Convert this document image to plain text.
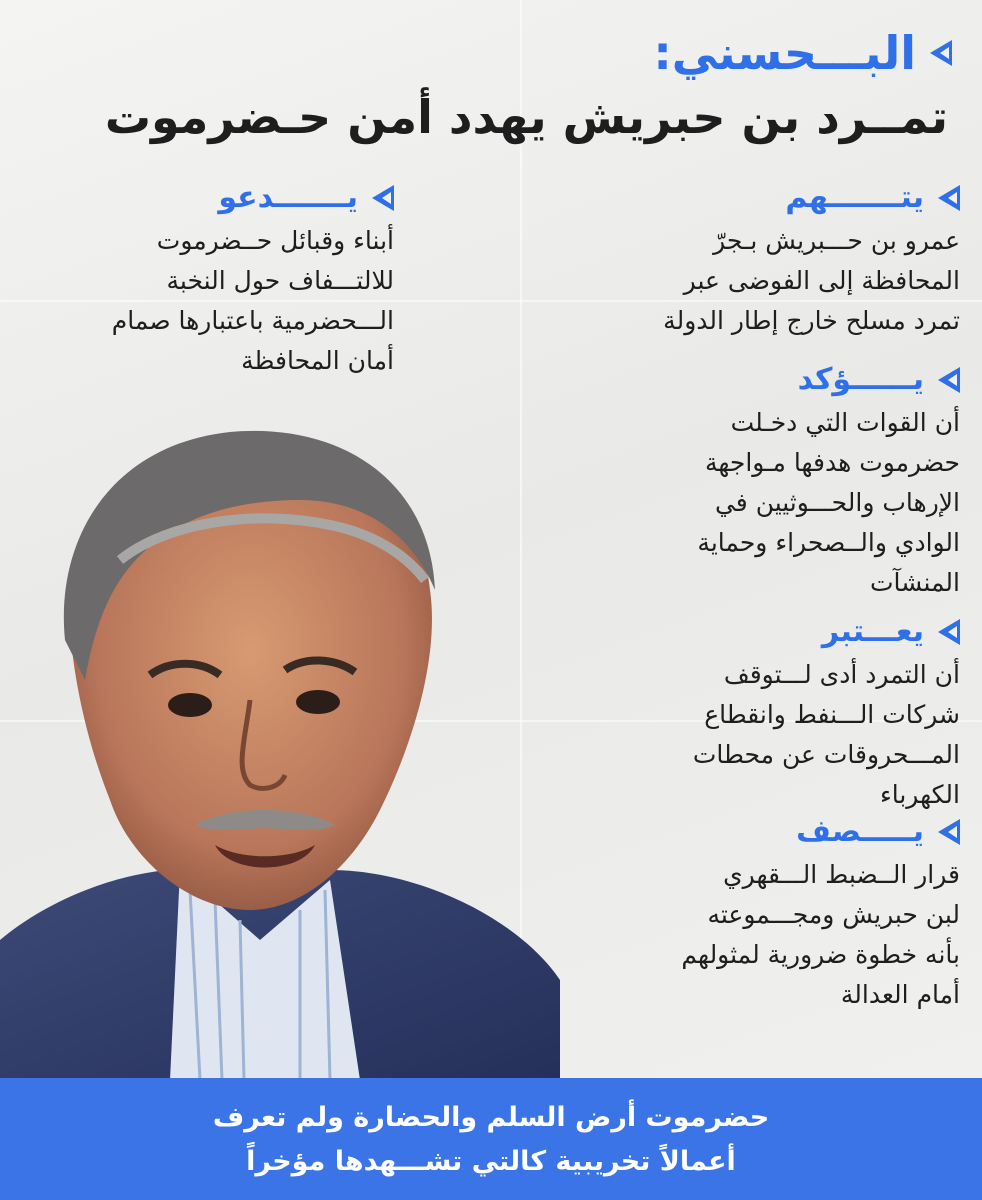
البـــحسني:
تمــرد بن حبريش يهدد أمن حـضرموت
يتـــــــهم
عمرو بن حـــبريش بـجرّ
المحافظة إلى الفوضى عبر
تمرد مسلح خارج إطار الدولة
يـــــــدعو
أبناء وقبائل حــضرموت
للالتـــفاف حول النخبة
الـــحضرمية باعتبارها صمام
أمان المحافظة
يــــــؤكد
أن القوات التي دخـلت
حضرموت هدفها مـواجهة
الإرهاب والحـــوثيين في
الوادي والــصحراء وحماية
المنشآت
يعـــتبر
أن التمرد أدى لـــتوقف
شركات الـــنفط وانقطاع
المـــحروقات عن محطات
الكهرباء
يـــــصف
قرار الــضبط الـــقهري
لبن حبريش ومجـــموعته
بأنه خطوة ضرورية لمثولهم
أمام العدالة
حضرموت أرض السلم والحضارة ولم تعرف
أعمالاً تخريبية كالتي تشـــهدها مؤخراً
